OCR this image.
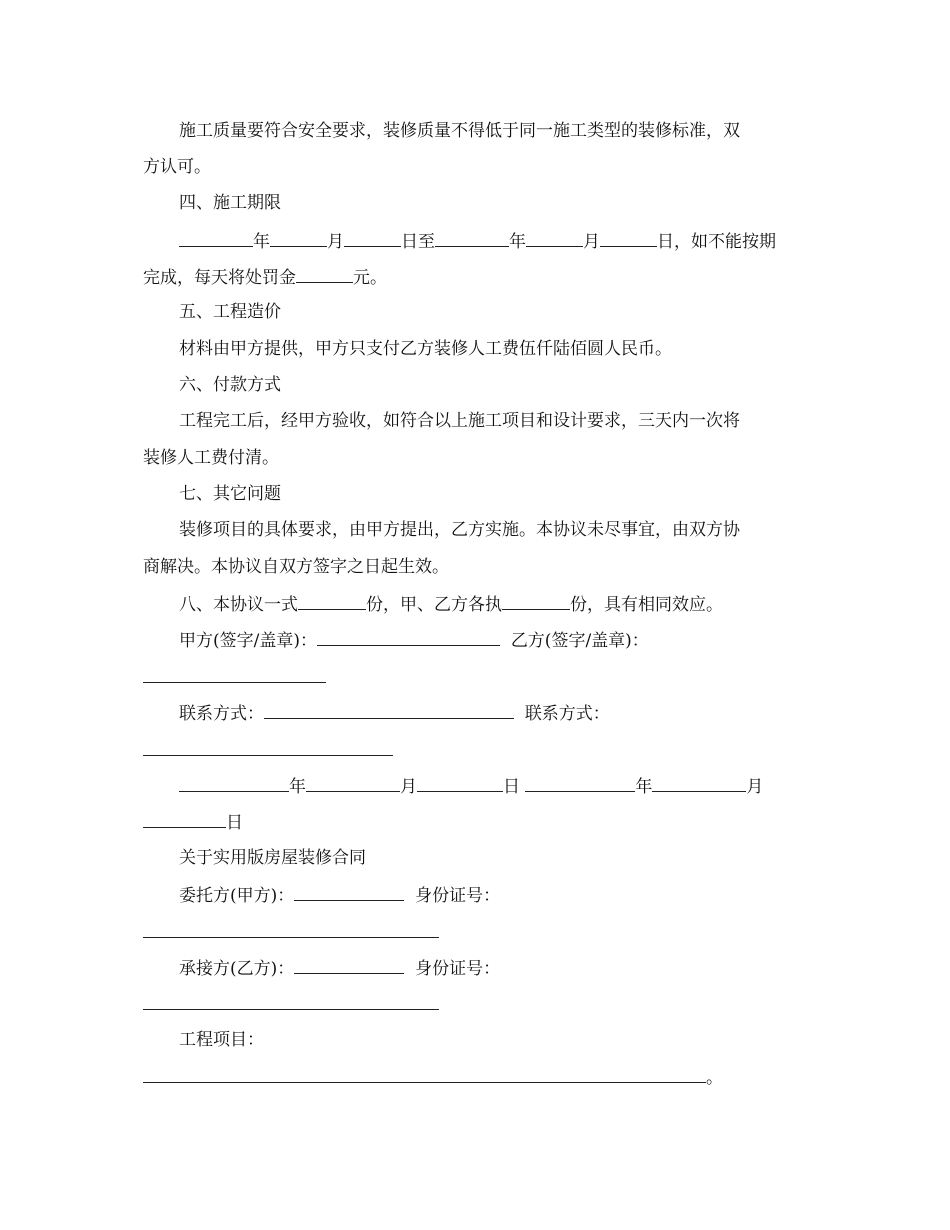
施工质量要符合安全要求，装修质量不得低于同一施工类型的装修标准，双
方认可。
四、施工期限
年	月	日至	年	月	日，如不能按期
完成，每天将处罚金	元。
五、工程造价
材料由甲方提供，甲方只支付乙方装修人工费伍仟陆佰圆人民币。
六、付款方式
工程完工后，经甲方验收，如符合以上施工项目和设计要求，三天内一次将
装修人工费付清。
七、其它问题
装修项目的具体要求，由甲方提出，乙方实施。本协议未尽事宜，由双方协
商解决。本协议自双方签字之日起生效。
八、本协议一式	份，甲、乙方各执	份，具有相同效应。
甲方(签字/盖章)：	乙方(签字/盖章)：
联系方式：	联系方式：
年	月	日	年	月
日
关于实用版房屋装修合同
委托方(甲方)：	身份证号：
承接方(乙方)：	身份证号：
工程项目：
。
